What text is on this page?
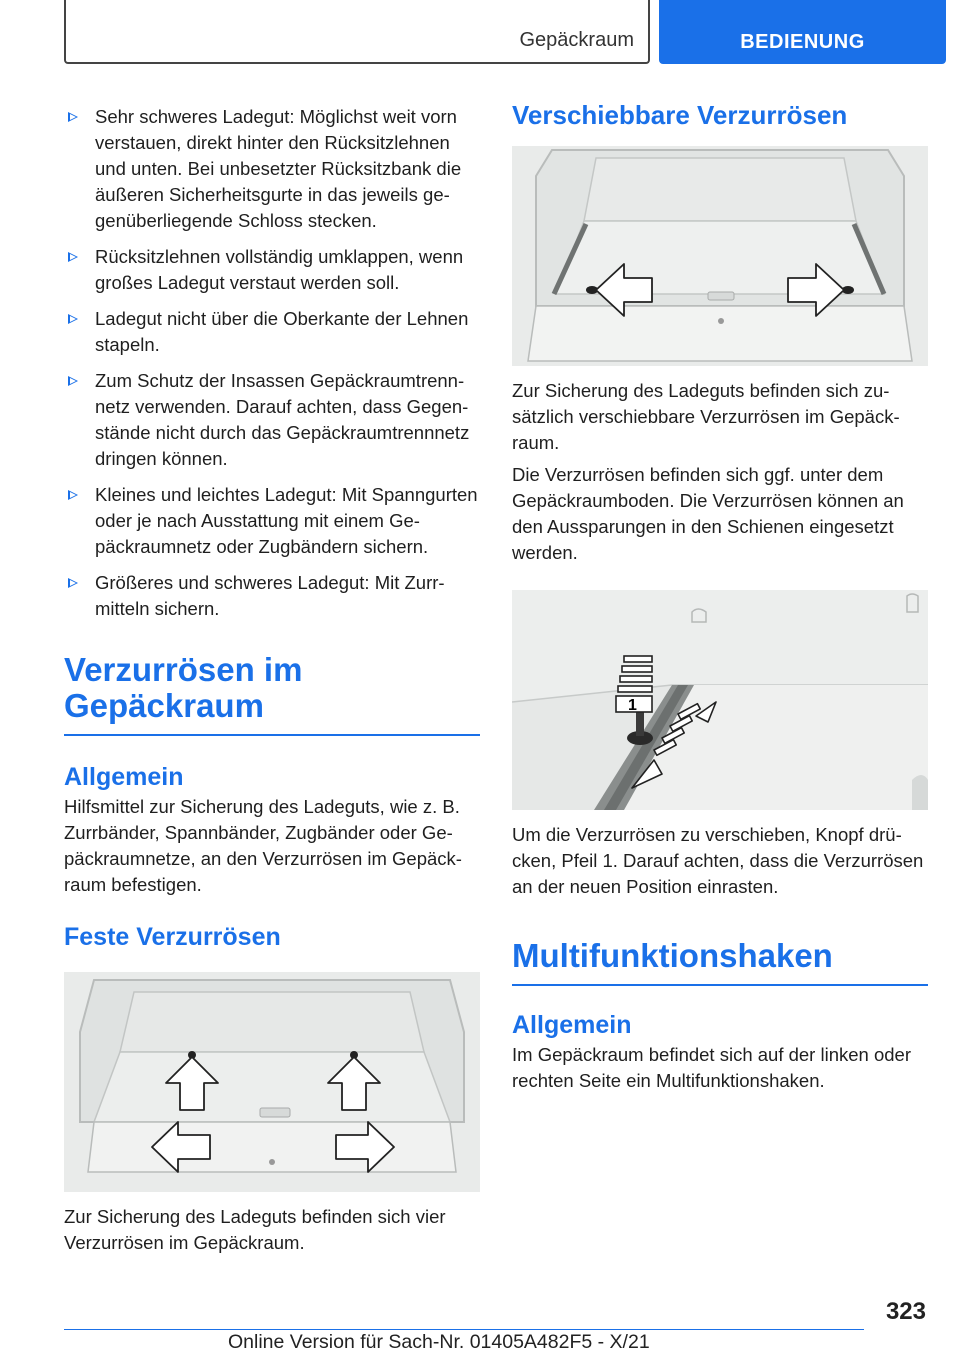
Gepäckraum	BEDIENUNG
Sehr schweres Ladegut: Möglichst weit vorn verstauen, direkt hinter den Rücksitzlehnen und unten. Bei unbesetzter Rücksitzbank die äußeren Sicherheitsgurte in das jeweils gegenüberliegende Schloss stecken.
Rücksitzlehnen vollständig umklappen, wenn großes Ladegut verstaut werden soll.
Ladegut nicht über die Oberkante der Lehnen stapeln.
Zum Schutz der Insassen Gepäckraumtrennnetz verwenden. Darauf achten, dass Gegenstände nicht durch das Gepäckraumtrennnetz dringen können.
Kleines und leichtes Ladegut: Mit Spanngurten oder je nach Ausstattung mit einem Gepäckraumnetz oder Zugbändern sichern.
Größeres und schweres Ladegut: Mit Zurrmitteln sichern.
Verzurrösen im Gepäckraum
Allgemein
Hilfsmittel zur Sicherung des Ladeguts, wie z. B. Zurrbänder, Spannbänder, Zugbänder oder Gepäckraumnetze, an den Verzurrösen im Gepäckraum befestigen.
Feste Verzurrösen
Zur Sicherung des Ladeguts befinden sich vier Verzurrösen im Gepäckraum.
Verschiebbare Verzurrösen
Zur Sicherung des Ladeguts befinden sich zusätzlich verschiebbare Verzurrösen im Gepäckraum.
Die Verzurrösen befinden sich ggf. unter dem Gepäckraumboden. Die Verzurrösen können an den Aussparungen in den Schienen eingesetzt werden.
1
Um die Verzurrösen zu verschieben, Knopf drücken, Pfeil 1. Darauf achten, dass die Verzurrösen an der neuen Position einrasten.
Multifunktionshaken
Allgemein
Im Gepäckraum befindet sich auf der linken oder rechten Seite ein Multifunktionshaken.
323
Online Version für Sach-Nr. 01405A482F5 - X/21
